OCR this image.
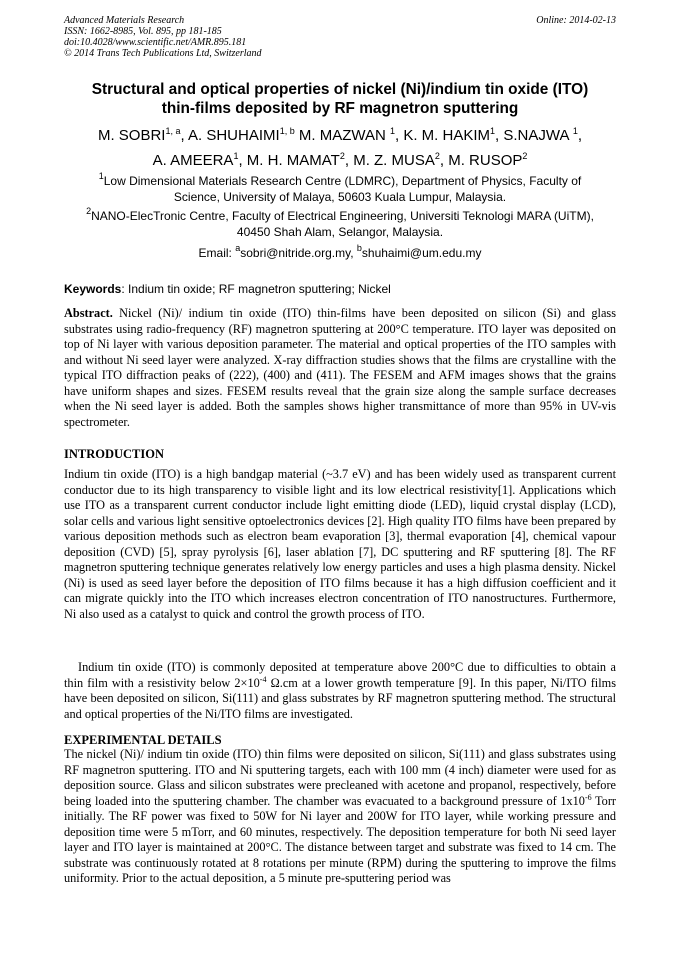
Advanced Materials Research
ISSN: 1662-8985, Vol. 895, pp 181-185
doi:10.4028/www.scientific.net/AMR.895.181
© 2014 Trans Tech Publications Ltd, Switzerland
Online: 2014-02-13
Structural and optical properties of nickel (Ni)/indium tin oxide (ITO)
thin-films deposited by RF magnetron sputtering
M. SOBRI$^{1, a}$, A. SHUHAIMI$^{1, b}$ M. MAZWAN $^1$, K. M. HAKIM$^1$, S.NAJWA $^1$,
A. AMEERA$^1$, M. H. MAMAT$^2$, M. Z. MUSA$^2$, M. RUSOP$^2$
$^1$Low Dimensional Materials Research Centre (LDMRC), Department of Physics, Faculty of
Science, University of Malaya, 50603 Kuala Lumpur, Malaysia.
$^2$NANO-ElecTronic Centre, Faculty of Electrical Engineering, Universiti Teknologi MARA (UiTM),
40450 Shah Alam, Selangor, Malaysia.
Email: $^a$sobri@nitride.org.my, $^b$shuhaimi@um.edu.my
Keywords: Indium tin oxide; RF magnetron sputtering; Nickel
Abstract. Nickel (Ni)/ indium tin oxide (ITO) thin-films have been deposited on silicon (Si) and glass substrates using radio-frequency (RF) magnetron sputtering at 200°C temperature. ITO layer was deposited on top of Ni layer with various deposition parameter. The material and optical properties of the ITO samples with and without Ni seed layer were analyzed. X-ray diffraction studies shows that the films are crystalline with the typical ITO diffraction peaks of (222), (400) and (411). The FESEM and AFM images shows that the grains have uniform shapes and sizes. FESEM results reveal that the grain size along the sample surface decreases when the Ni seed layer is added. Both the samples shows higher transmittance of more than 95% in UV-vis spectrometer.
INTRODUCTION
Indium tin oxide (ITO) is a high bandgap material (~3.7 eV) and has been widely used as transparent current conductor due to its high transparency to visible light and its low electrical resistivity[1]. Applications which use ITO as a transparent current conductor include light emitting diode (LED), liquid crystal display (LCD), solar cells and various light sensitive optoelectronics devices [2]. High quality ITO films have been prepared by various deposition methods such as electron beam evaporation [3], thermal evaporation [4], chemical vapour deposition (CVD) [5], spray pyrolysis [6], laser ablation [7], DC sputtering and RF sputtering [8]. The RF magnetron sputtering technique generates relatively low energy particles and uses a high plasma density. Nickel (Ni) is used as seed layer before the deposition of ITO films because it has a high diffusion coefficient and it can migrate quickly into the ITO which increases electron concentration of ITO nanostructures. Furthermore, Ni also used as a catalyst to quick and control the growth process of ITO.
Indium tin oxide (ITO) is commonly deposited at temperature above 200°C due to difficulties to obtain a thin film with a resistivity below $2\times 10^{-4}$ Ω.cm at a lower growth temperature [9]. In this paper, Ni/ITO films have been deposited on silicon, Si(111) and glass substrates by RF magnetron sputtering method. The structural and optical properties of the Ni/ITO films are investigated.
EXPERIMENTAL DETAILS
The nickel (Ni)/ indium tin oxide (ITO) thin films were deposited on silicon, Si(111) and glass substrates using RF magnetron sputtering. ITO and Ni sputtering targets, each with 100 mm (4 inch) diameter were used for as deposition source. Glass and silicon substrates were precleaned with acetone and propanol, respectively, before being loaded into the sputtering chamber. The chamber was evacuated to a background pressure of $1x10^{-6}$ Torr initially. The RF power was fixed to 50W for Ni layer and 200W for ITO layer, while working pressure and deposition time were 5 mTorr, and 60 minutes, respectively. The deposition temperature for both Ni seed layer layer and ITO layer is maintained at 200°C. The distance between target and substrate was fixed to 14 cm. The substrate was continuously rotated at 8 rotations per minute (RPM) during the sputtering to improve the films uniformity. Prior to the actual deposition, a 5 minute pre-sputtering period was
